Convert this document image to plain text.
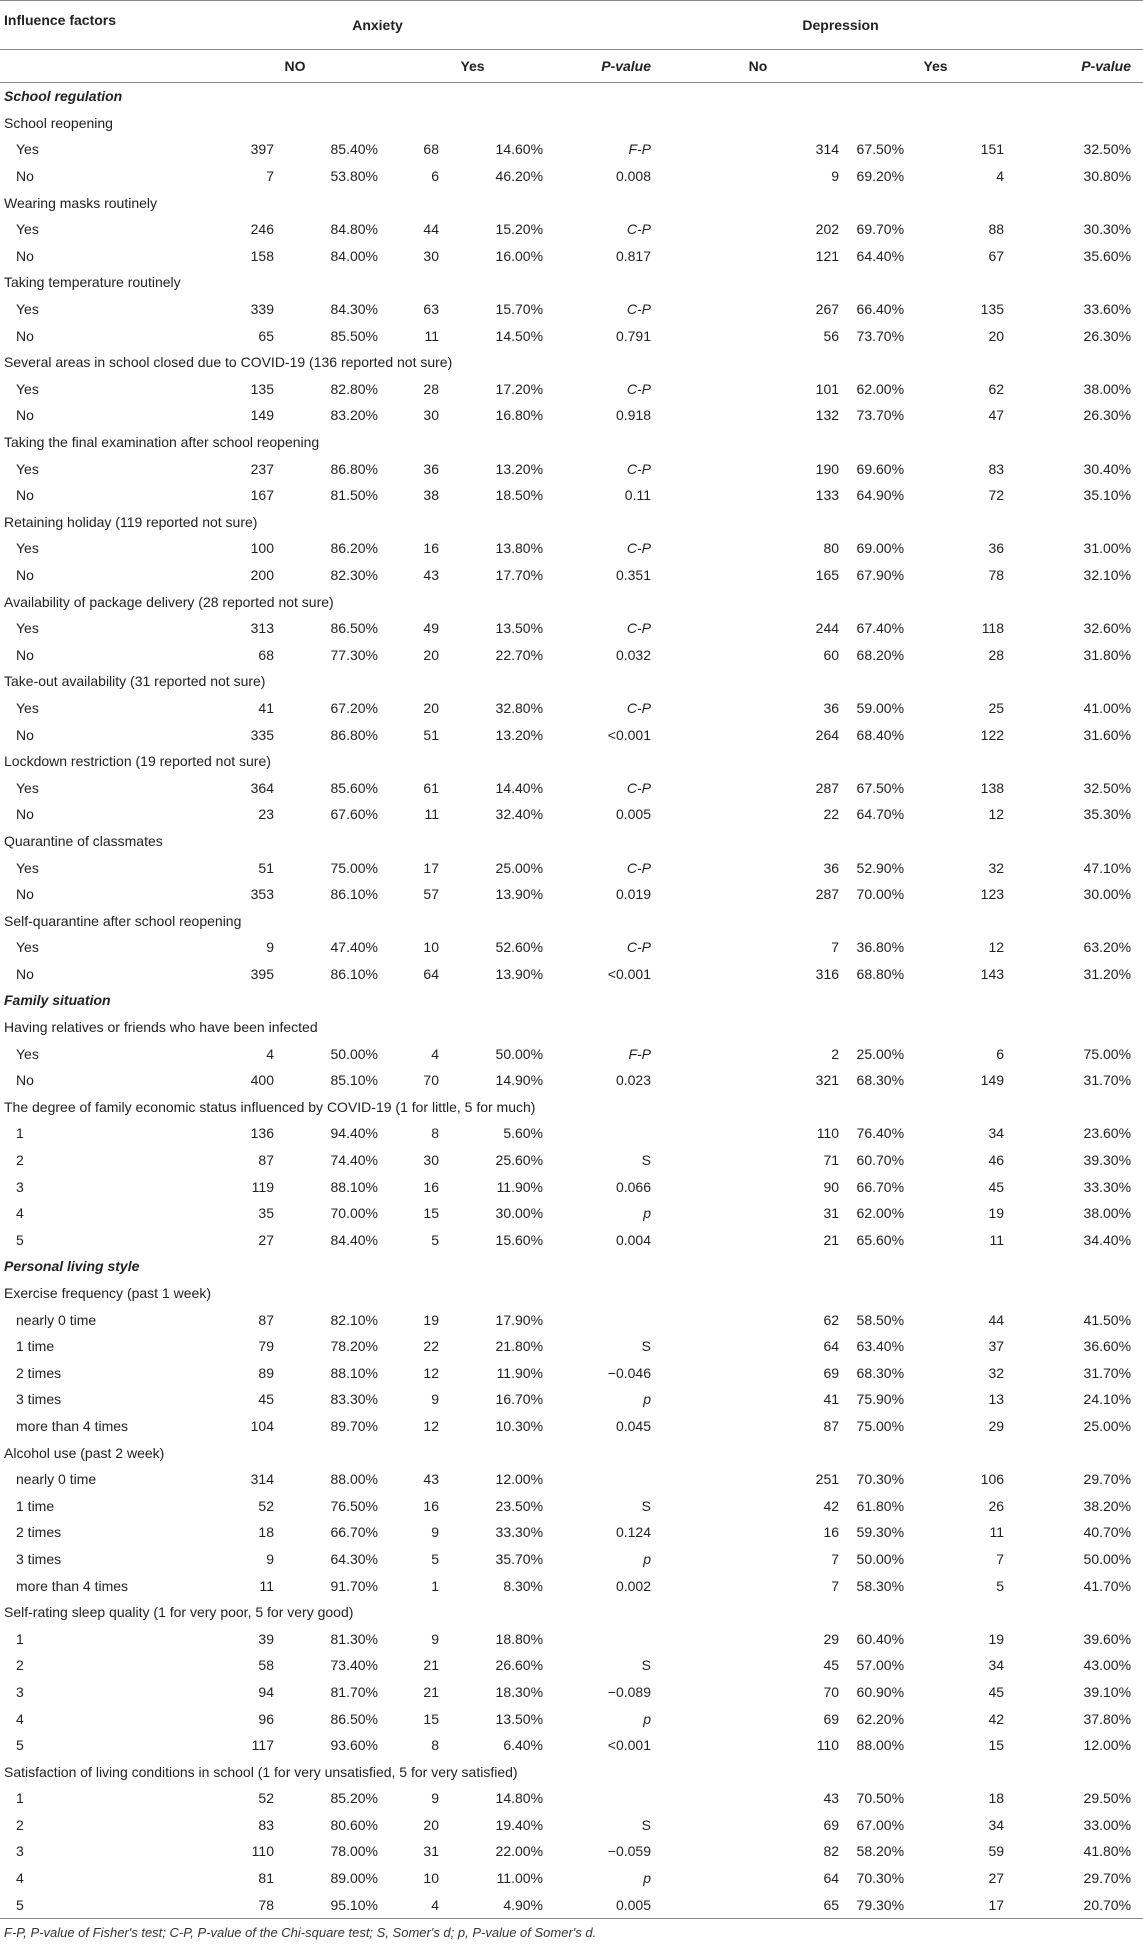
Influence factors	Anxiety					Depression					
	NO		Yes		P-value	No		Yes		P-value	
School regulation											
School reopening											
Yes	397	85.40%	68	14.60%	F-P		314	67.50%	151	32.50%	
No	7	53.80%	6	46.20%	0.008		9	69.20%	4	30.80%	
Wearing masks routinely											
Yes	246	84.80%	44	15.20%	C-P		202	69.70%	88	30.30%	
No	158	84.00%	30	16.00%	0.817		121	64.40%	67	35.60%	
Taking temperature routinely											
Yes	339	84.30%	63	15.70%	C-P		267	66.40%	135	33.60%	
No	65	85.50%	11	14.50%	0.791		56	73.70%	20	26.30%	
Several areas in school closed due to COVID-19 (136 reported not sure)											
Yes	135	82.80%	28	17.20%	C-P		101	62.00%	62	38.00%	
No	149	83.20%	30	16.80%	0.918		132	73.70%	47	26.30%	
Taking the final examination after school reopening											
Yes	237	86.80%	36	13.20%	C-P		190	69.60%	83	30.40%	
No	167	81.50%	38	18.50%	0.11		133	64.90%	72	35.10%	
Retaining holiday (119 reported not sure)											
Yes	100	86.20%	16	13.80%	C-P		80	69.00%	36	31.00%	
No	200	82.30%	43	17.70%	0.351		165	67.90%	78	32.10%	
Availability of package delivery (28 reported not sure)											
Yes	313	86.50%	49	13.50%	C-P		244	67.40%	118	32.60%	
No	68	77.30%	20	22.70%	0.032		60	68.20%	28	31.80%	
Take-out availability (31 reported not sure)											
Yes	41	67.20%	20	32.80%	C-P		36	59.00%	25	41.00%	
No	335	86.80%	51	13.20%	<0.001		264	68.40%	122	31.60%	
Lockdown restriction (19 reported not sure)											
Yes	364	85.60%	61	14.40%	C-P		287	67.50%	138	32.50%	
No	23	67.60%	11	32.40%	0.005		22	64.70%	12	35.30%	
Quarantine of classmates											
Yes	51	75.00%	17	25.00%	C-P		36	52.90%	32	47.10%	
No	353	86.10%	57	13.90%	0.019		287	70.00%	123	30.00%	
Self-quarantine after school reopening											
Yes	9	47.40%	10	52.60%	C-P		7	36.80%	12	63.20%	
No	395	86.10%	64	13.90%	<0.001		316	68.80%	143	31.20%	
Family situation											
Having relatives or friends who have been infected											
Yes	4	50.00%	4	50.00%	F-P		2	25.00%	6	75.00%	
No	400	85.10%	70	14.90%	0.023		321	68.30%	149	31.70%	
The degree of family economic status influenced by COVID-19 (1 for little, 5 for much)											
1	136	94.40%	8	5.60%			110	76.40%	34	23.60%	
2	87	74.40%	30	25.60%	S		71	60.70%	46	39.30%	
3	119	88.10%	16	11.90%	0.066		90	66.70%	45	33.30%	
4	35	70.00%	15	30.00%	p		31	62.00%	19	38.00%	
5	27	84.40%	5	15.60%	0.004		21	65.60%	11	34.40%	
Personal living style											
Exercise frequency (past 1 week)											
nearly 0 time	87	82.10%	19	17.90%			62	58.50%	44	41.50%	
1 time	79	78.20%	22	21.80%	S		64	63.40%	37	36.60%	
2 times	89	88.10%	12	11.90%	−0.046		69	68.30%	32	31.70%	
3 times	45	83.30%	9	16.70%	p		41	75.90%	13	24.10%	
more than 4 times	104	89.70%	12	10.30%	0.045		87	75.00%	29	25.00%	
Alcohol use (past 2 week)											
nearly 0 time	314	88.00%	43	12.00%			251	70.30%	106	29.70%	
1 time	52	76.50%	16	23.50%	S		42	61.80%	26	38.20%	
2 times	18	66.70%	9	33.30%	0.124		16	59.30%	11	40.70%	
3 times	9	64.30%	5	35.70%	p		7	50.00%	7	50.00%	
more than 4 times	11	91.70%	1	8.30%	0.002		7	58.30%	5	41.70%	
Self-rating sleep quality (1 for very poor, 5 for very good)											
1	39	81.30%	9	18.80%			29	60.40%	19	39.60%	
2	58	73.40%	21	26.60%	S		45	57.00%	34	43.00%	
3	94	81.70%	21	18.30%	−0.089		70	60.90%	45	39.10%	
4	96	86.50%	15	13.50%	p		69	62.20%	42	37.80%	
5	117	93.60%	8	6.40%	<0.001		110	88.00%	15	12.00%	
Satisfaction of living conditions in school (1 for very unsatisfied, 5 for very satisfied)											
1	52	85.20%	9	14.80%			43	70.50%	18	29.50%	
2	83	80.60%	20	19.40%	S		69	67.00%	34	33.00%	
3	110	78.00%	31	22.00%	−0.059		82	58.20%	59	41.80%	
4	81	89.00%	10	11.00%	p		64	70.30%	27	29.70%	
5	78	95.10%	4	4.90%	0.005		65	79.30%	17	20.70%	
F-P, P-value of Fisher's test; C-P, P-value of the Chi-square test; S, Somer's d; p, P-value of Somer's d.											
